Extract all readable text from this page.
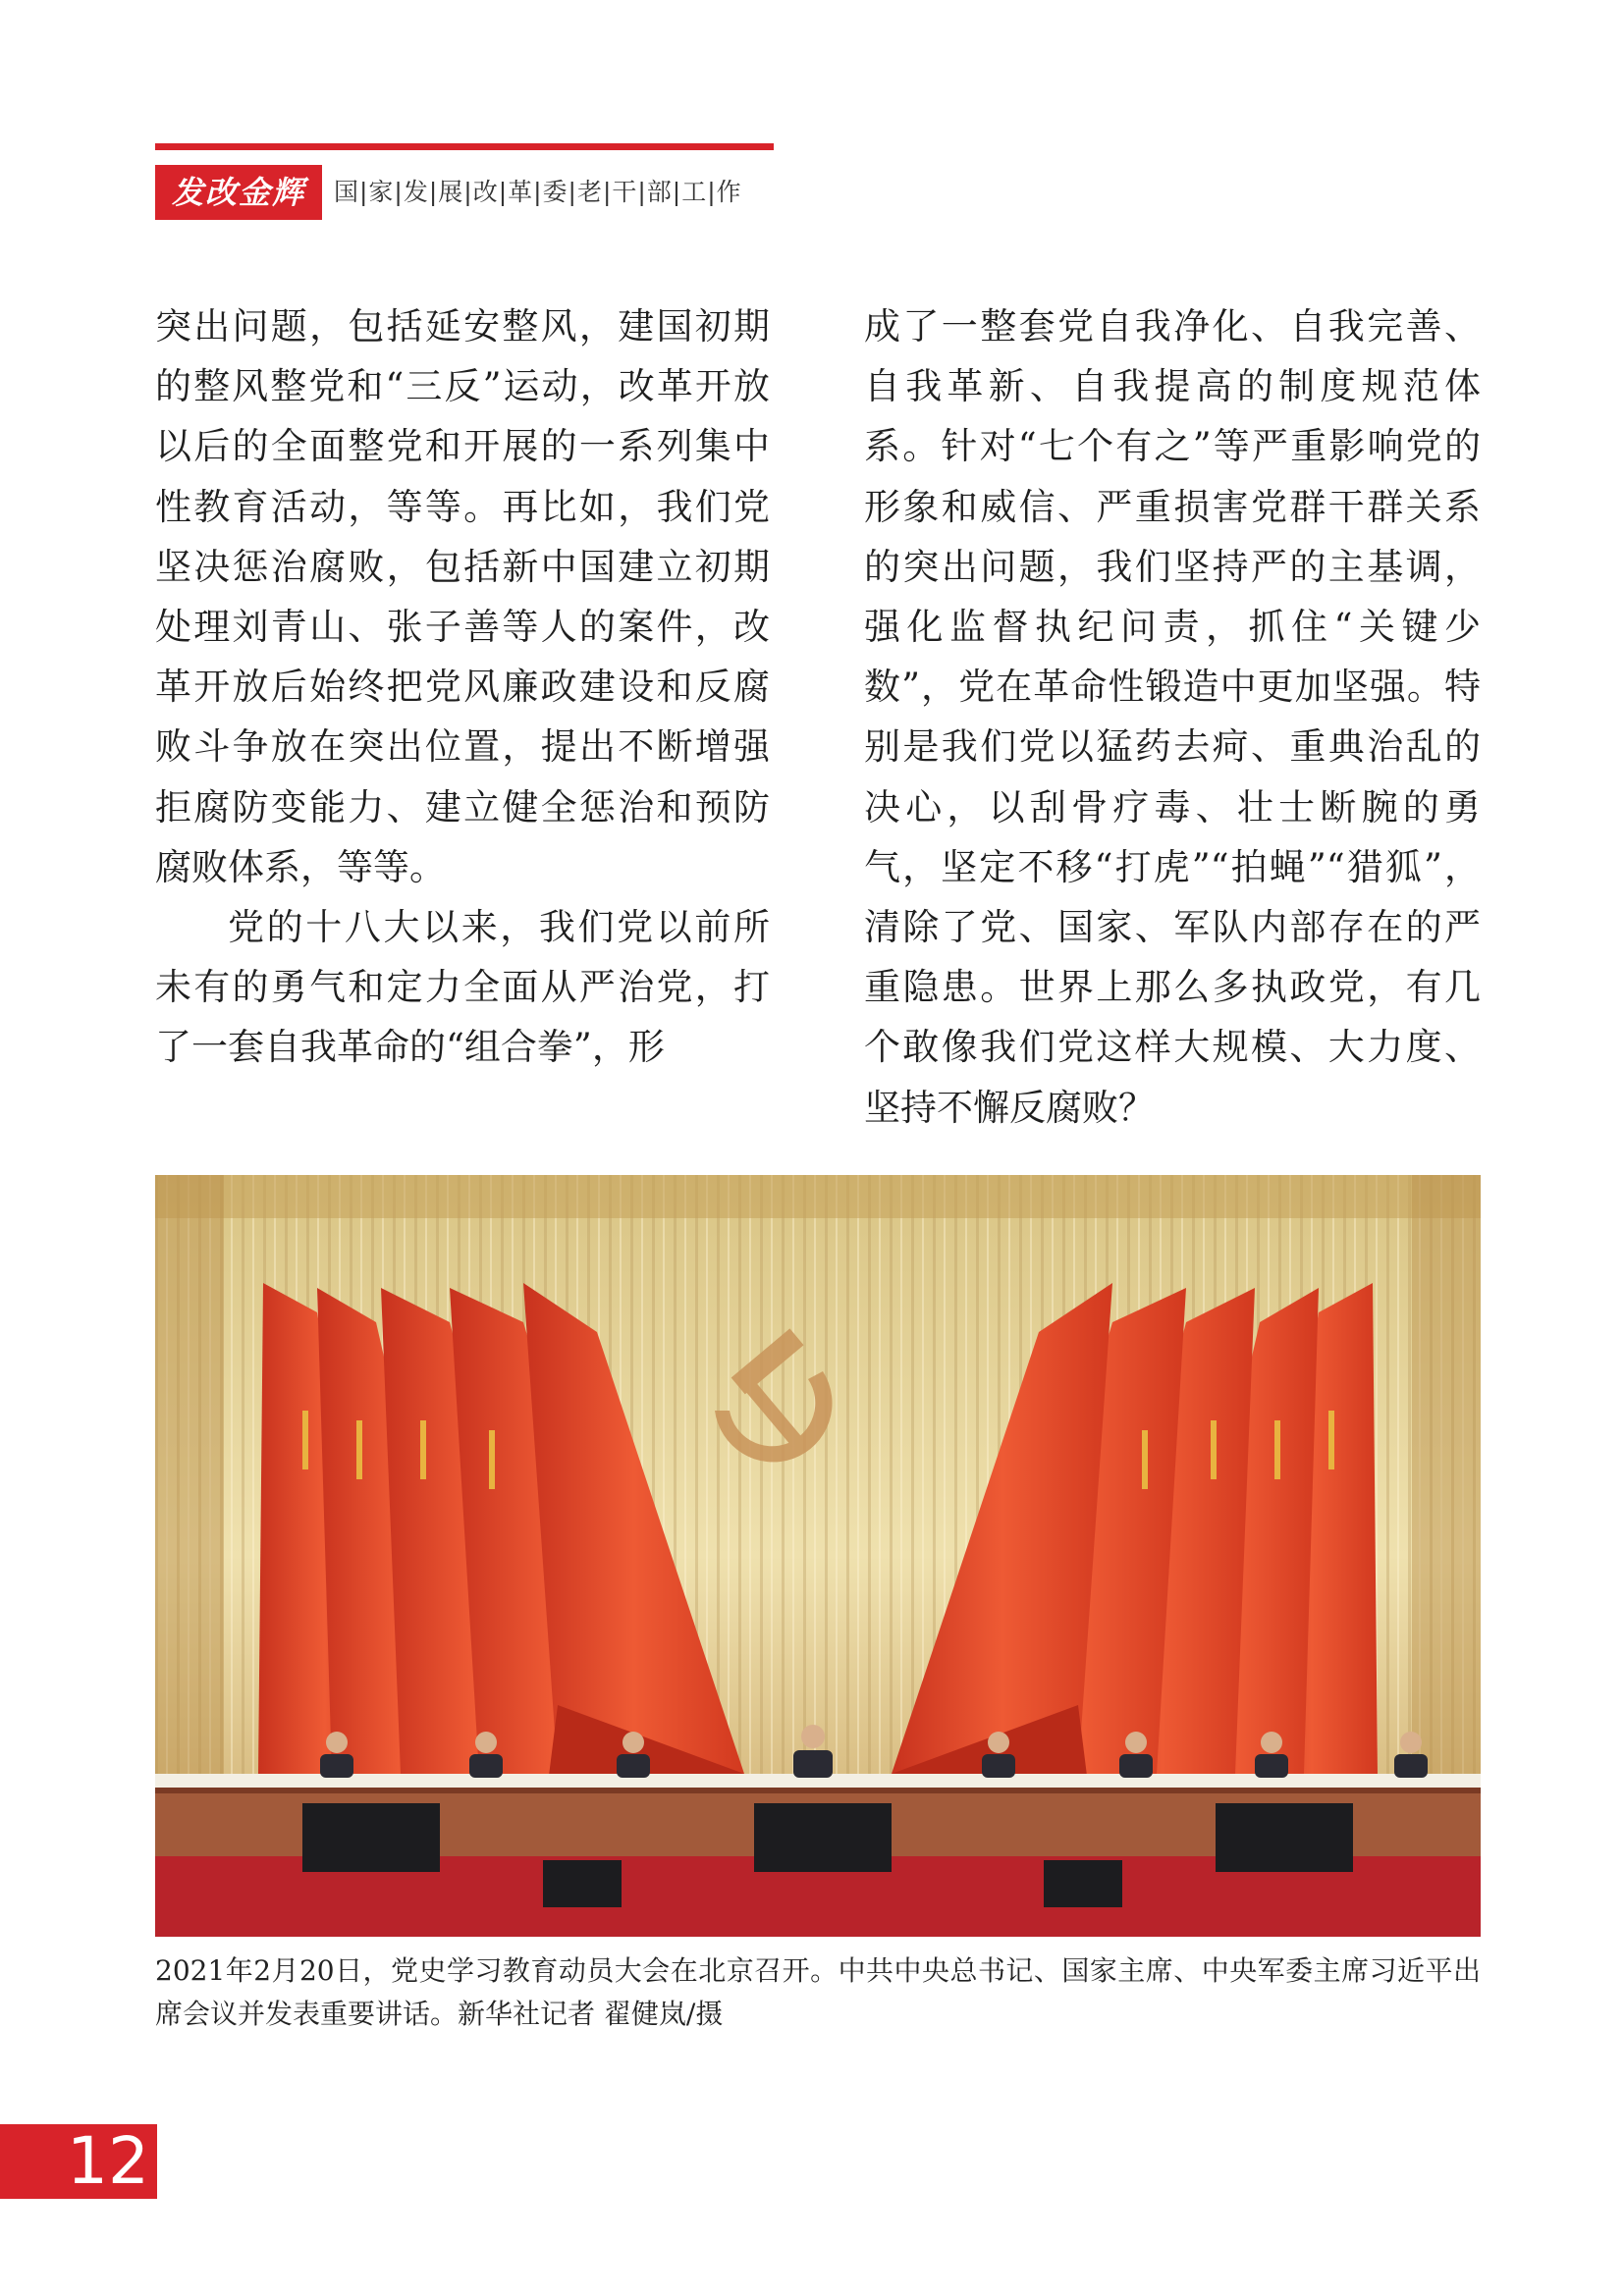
发改金辉	国|家|发|展|改|革|委|老|干|部|工|作

突出问题，包括延安整风，建国初期的整风整党和“三反”运动，改革开放以后的全面整党和开展的一系列集中性教育活动，等等。再比如，我们党坚决惩治腐败，包括新中国建立初期处理刘青山、张子善等人的案件，改革开放后始终把党风廉政建设和反腐败斗争放在突出位置，提出不断增强拒腐防变能力、建立健全惩治和预防腐败体系，等等。

党的十八大以来，我们党以前所未有的勇气和定力全面从严治党，打了一套自我革命的“组合拳”，形

成了一整套党自我净化、自我完善、自我革新、自我提高的制度规范体系。针对“七个有之”等严重影响党的形象和威信、严重损害党群干群关系的突出问题，我们坚持严的主基调，强化监督执纪问责，抓住“关键少数”，党在革命性锻造中更加坚强。特别是我们党以猛药去疴、重典治乱的决心，以刮骨疗毒、壮士断腕的勇气，坚定不移“打虎”“拍蝇”“猎狐”，清除了党、国家、军队内部存在的严重隐患。世界上那么多执政党，有几个敢像我们党这样大规模、大力度、坚持不懈反腐败？

2021年2月20日，党史学习教育动员大会在北京召开。中共中央总书记、国家主席、中央军委主席习近平出席会议并发表重要讲话。新华社记者 翟健岚/摄
12
